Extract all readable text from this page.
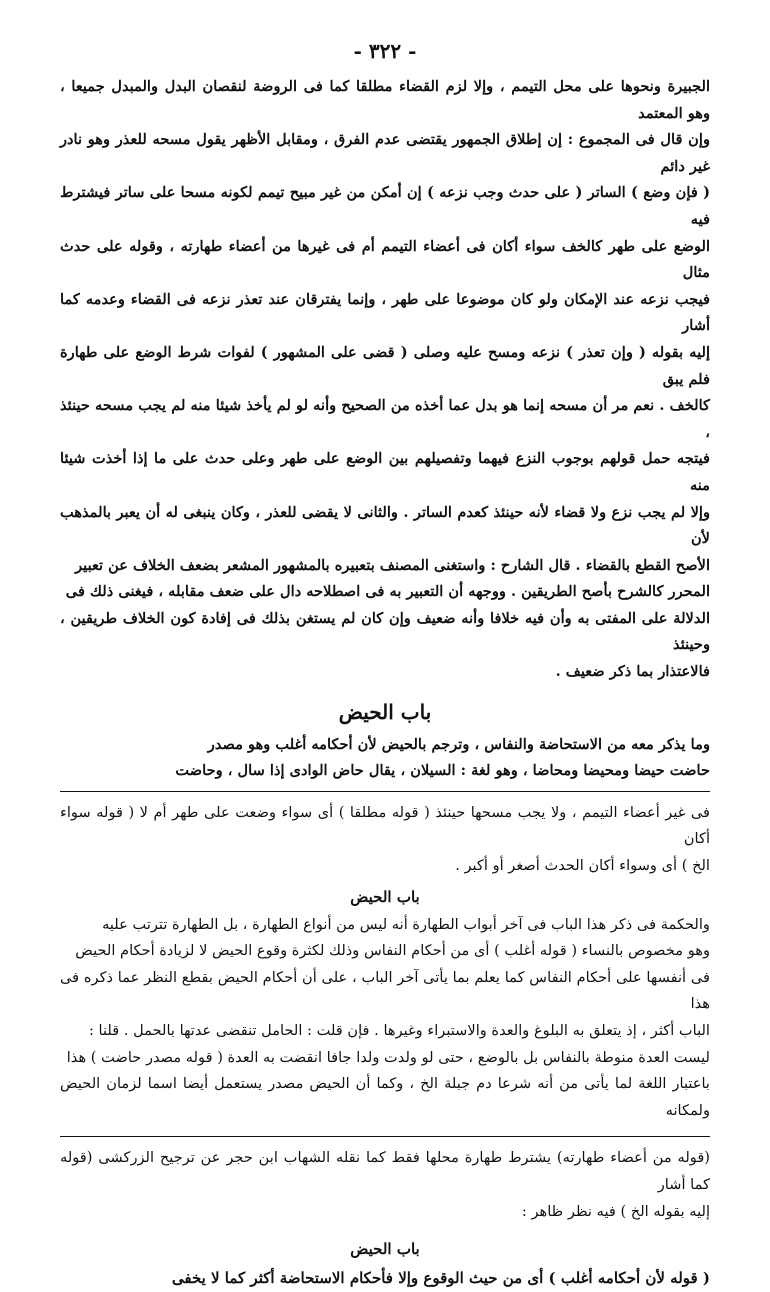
- ٣٢٢ -

الجبيرة ونحوها على محل التيمم ، وإلا لزم القضاء مطلقا كما فى الروضة لنقصان البدل والمبدل جميعا ، وهو المعتمد

وإن قال فى المجموع : إن إطلاق الجمهور يقتضى عدم الفرق ، ومقابل الأظهر يقول مسحه للعذر وهو نادر غير دائم

( فإن وضع ) الساتر ( على حدث وجب نزعه ) إن أمكن من غير مبيح تيمم لكونه مسحا على ساتر فيشترط فيه

الوضع على طهر كالخف سواء أكان فى أعضاء التيمم أم فى غيرها من أعضاء طهارته ، وقوله على حدث مثال

فيجب نزعه عند الإمكان ولو كان موضوعا على طهر ، وإنما يفترقان عند تعذر نزعه فى القضاء وعدمه كما أشار

إليه بقوله ( وإن تعذر ) نزعه ومسح عليه وصلى ( قضى على المشهور ) لفوات شرط الوضع على طهارة فلم يبق

كالخف . نعم مر أن مسحه إنما هو بدل عما أخذه من الصحيح وأنه لو لم يأخذ شيئا منه لم يجب مسحه حينئذ ،

فيتجه حمل قولهم بوجوب النزع فيهما وتفصيلهم بين الوضع على طهر وعلى حدث على ما إذا أخذت شيئا منه

وإلا لم يجب نزع ولا قضاء لأنه حينئذ كعدم الساتر . والثانى لا يقضى للعذر ، وكان ينبغى له أن يعبر بالمذهب لأن

الأصح القطع بالقضاء . قال الشارح : واستغنى المصنف بتعبيره بالمشهور المشعر بضعف الخلاف عن تعبير

المحرر كالشرح بأصح الطريقين . ووجهه أن التعبير به فى اصطلاحه دال على ضعف مقابله ، فيغنى ذلك فى

الدلالة على المفتى به وأن فيه خلافا وأنه ضعيف وإن كان لم يستغن بذلك فى إفادة كون الخلاف طريقين ، وحينئذ

فالاعتذار بما ذكر ضعيف .

باب الحيض

وما يذكر معه من الاستحاضة والنفاس ، وترجم بالحيض لأن أحكامه أغلب وهو مصدر

حاضت حيضا ومحيضا ومحاضا ، وهو لغة : السيلان ، يقال حاض الوادى إذا سال ، وحاضت

فى غير أعضاء التيمم ، ولا يجب مسحها حينئذ ( قوله مطلقا ) أى سواء وضعت على طهر أم لا ( قوله سواء أكان

الخ ) أى وسواء أكان الحدث أصغر أو أكبر .

باب الحيض

والحكمة فى ذكر هذا الباب فى آخر أبواب الطهارة أنه ليس من أنواع الطهارة ، بل الطهارة تترتب عليه

وهو مخصوص بالنساء ( قوله أغلب ) أى من أحكام النفاس وذلك لكثرة وقوع الحيض لا لزيادة أحكام الحيض

فى أنفسها على أحكام النفاس كما يعلم بما يأتى آخر الباب ، على أن أحكام الحيض بقطع النظر عما ذكره فى هذا

الباب أكثر ، إذ يتعلق به البلوغ والعدة والاستبراء وغيرها . فإن قلت : الحامل تنقضى عدتها بالحمل . قلنا :

ليست العدة منوطة بالنفاس بل بالوضع ، حتى لو ولدت ولدا جافا انقضت به العدة ( قوله مصدر حاضت ) هذا

باعتبار اللغة لما يأتى من أنه شرعا دم جبلة الخ ، وكما أن الحيض مصدر يستعمل أيضا اسما لزمان الحيض ولمكانه

(قوله من أعضاء طهارته) يشترط طهارة محلها فقط كما نقله الشهاب ابن حجر عن ترجيح الزركشى (قوله كما أشار

إليه بقوله الخ ) فيه نظر ظاهر :

باب الحيض

( قوله لأن أحكامه أغلب ) أى من حيث الوقوع وإلا فأحكام الاستحاضة أكثر كما لا يخفى
